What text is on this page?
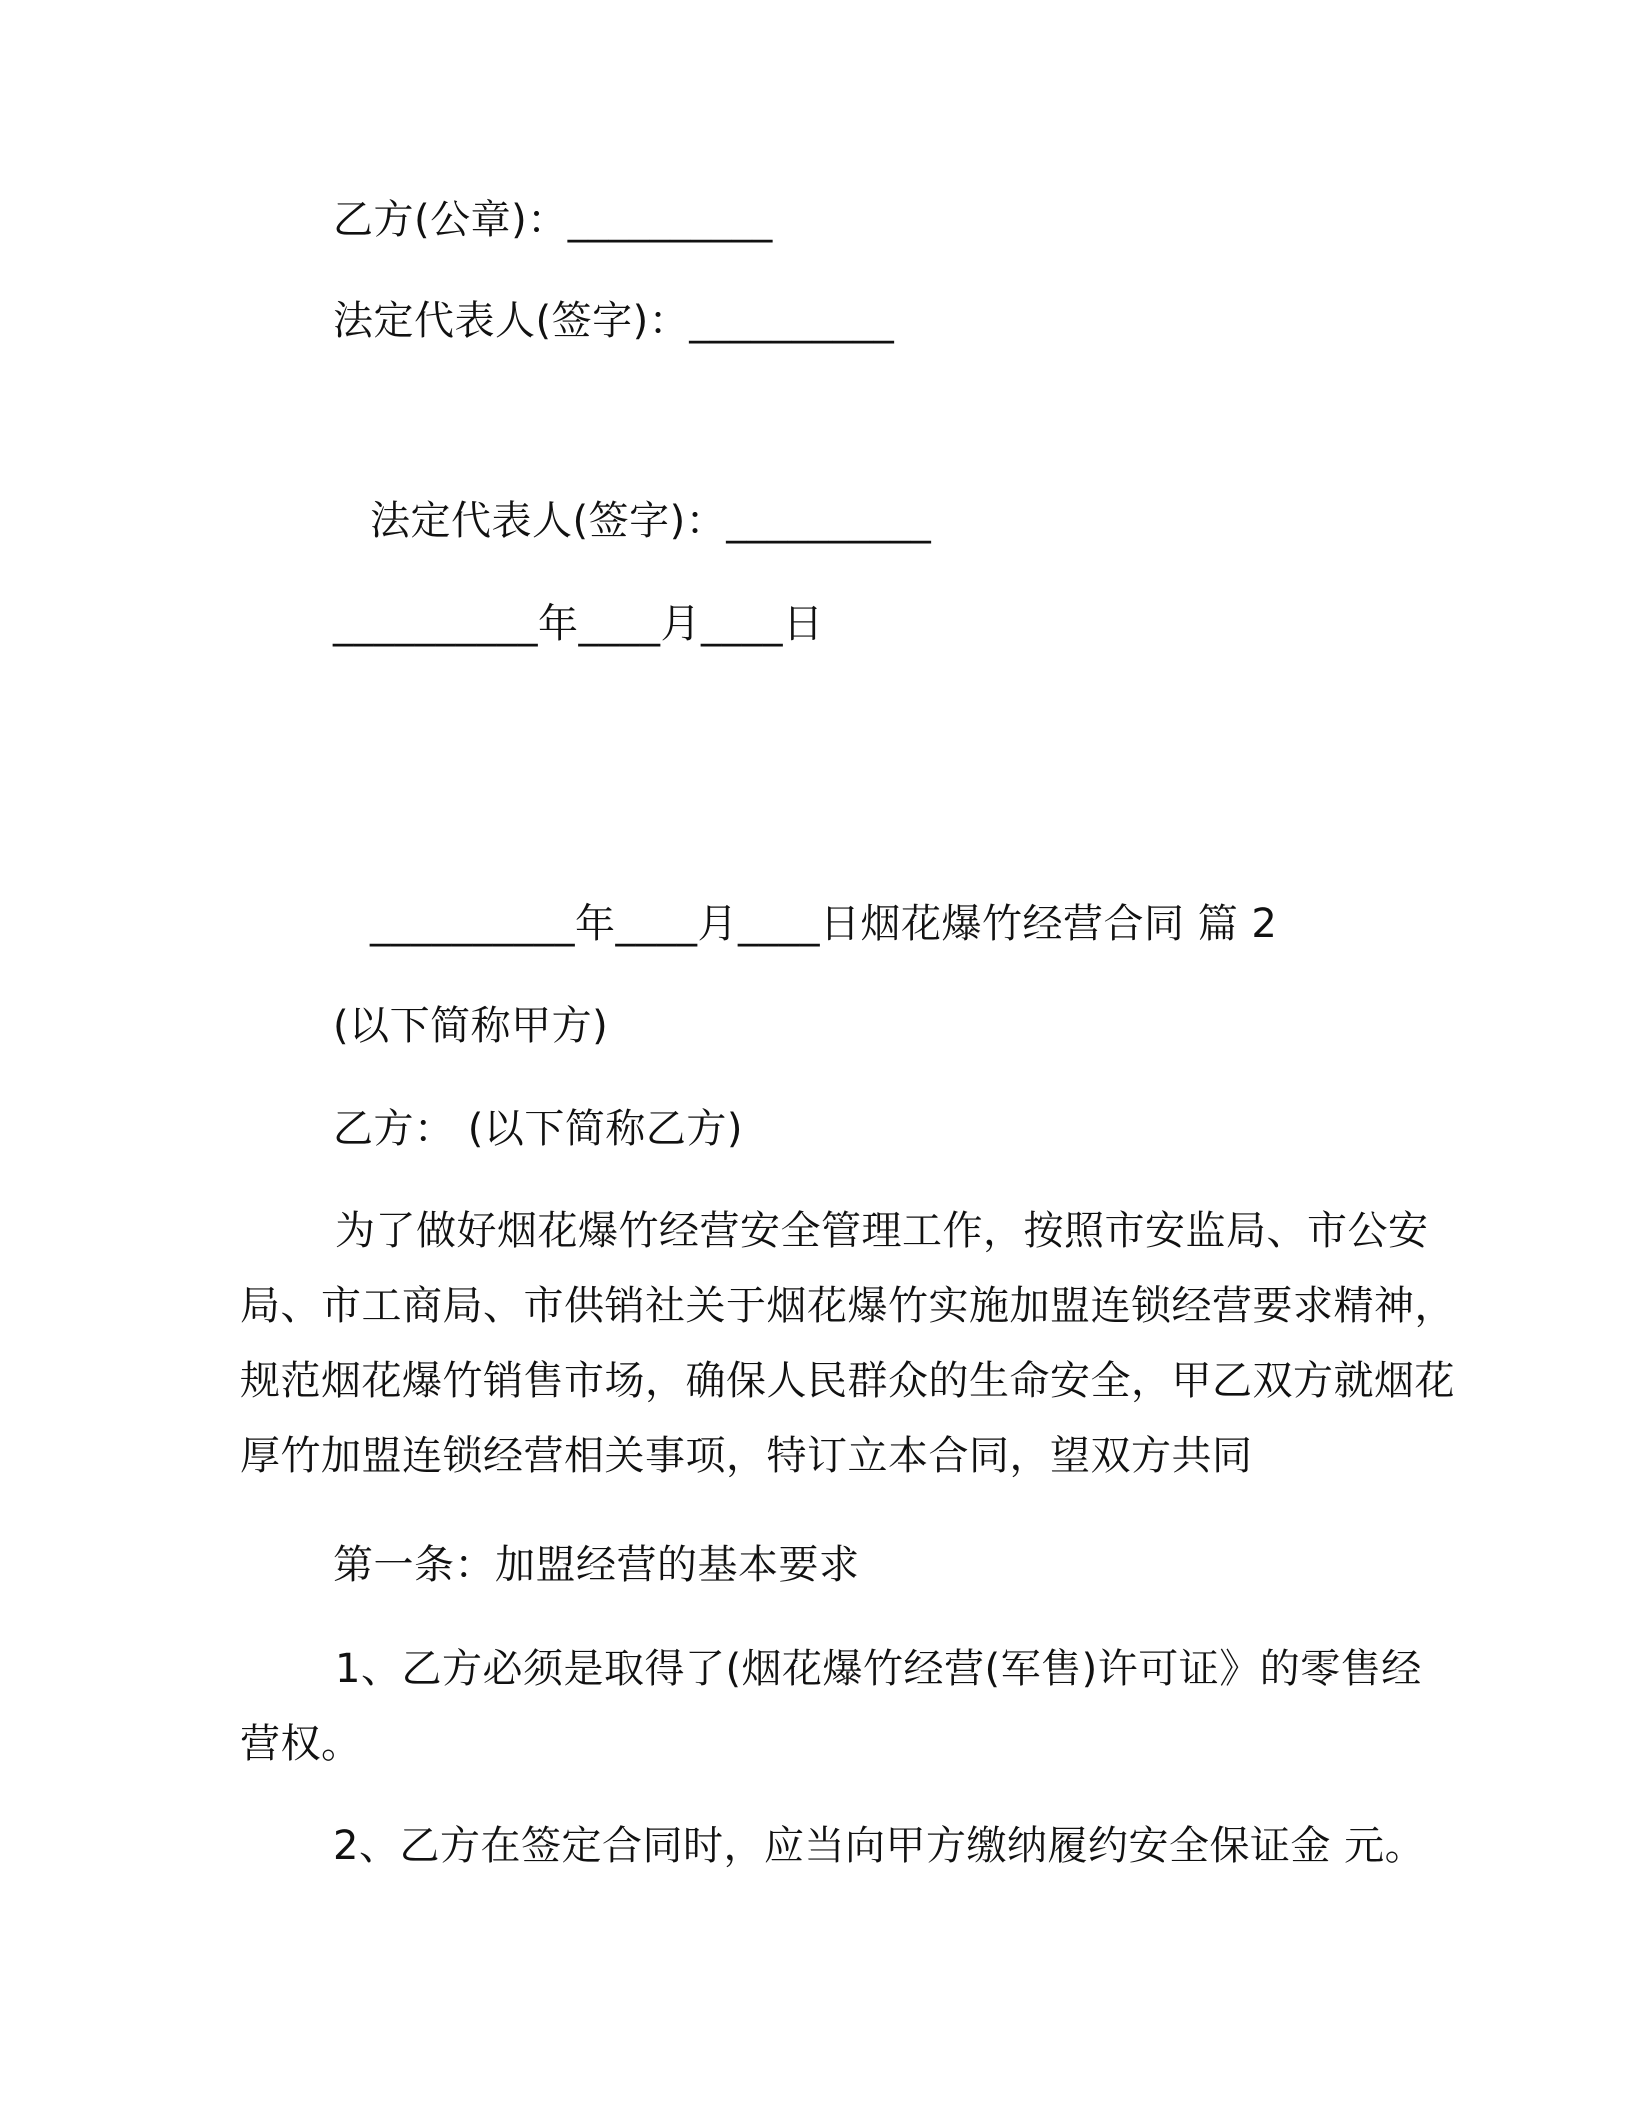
乙方(公章)：__________
法定代表人(签字)：__________
法定代表人(签字)：__________
__________年____月____日
__________年____月____日烟花爆竹经营合同 篇 2
(以下简称甲方)
乙方： (以下简称乙方)

为了做好烟花爆竹经营安全管理工作，按照市安监局、市公安局、市工商局、市供销社关于烟花爆竹实施加盟连锁经营要求精神，规范烟花爆竹销售市场，确保人民群众的生命安全，甲乙双方就烟花厚竹加盟连锁经营相关事项，特订立本合同，望双方共同

第一条：加盟经营的基本要求

1、乙方必须是取得了(烟花爆竹经营(军售)许可证》的零售经营权。

2、乙方在签定合同时，应当向甲方缴纳履约安全保证金 元。
